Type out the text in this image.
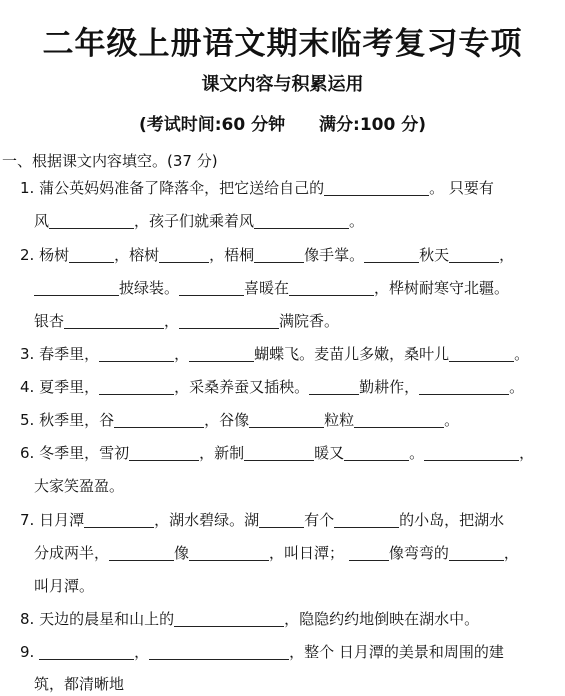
二年级上册语文期末临考复习专项
课文内容与积累运用
(考试时间:60 分钟 满分:100 分)
一、根据课文内容填空。(37 分)
1. 蒲公英妈妈准备了降落伞，把它送给自己的	。 只要有
风	，孩子们就乘着风	。
2. 杨树	，榕树	，梧桐	像手掌。	秋天	，
披绿装。	喜暖在	，桦树耐寒守北疆。
银杏	，	满院香。
3. 春季里，	，	蝴蝶飞。麦苗儿多嫩，桑叶儿	。
4. 夏季里，	，采桑养蚕又插秧。	勤耕作，	。
5. 秋季里，谷	，谷像	粒粒	。
6. 冬季里，雪初	，新制	暖又	。	，
大家笑盈盈。
7. 日月潭	，湖水碧绿。湖	有个	的小岛，把湖水
分成两半，	像	，叫日潭；	像弯弯的	，
叫月潭。
8. 天边的晨星和山上的	，隐隐约约地倒映在湖水中。
9.	，	，整个 日月潭的美景和周围的建
筑，都清晰地
